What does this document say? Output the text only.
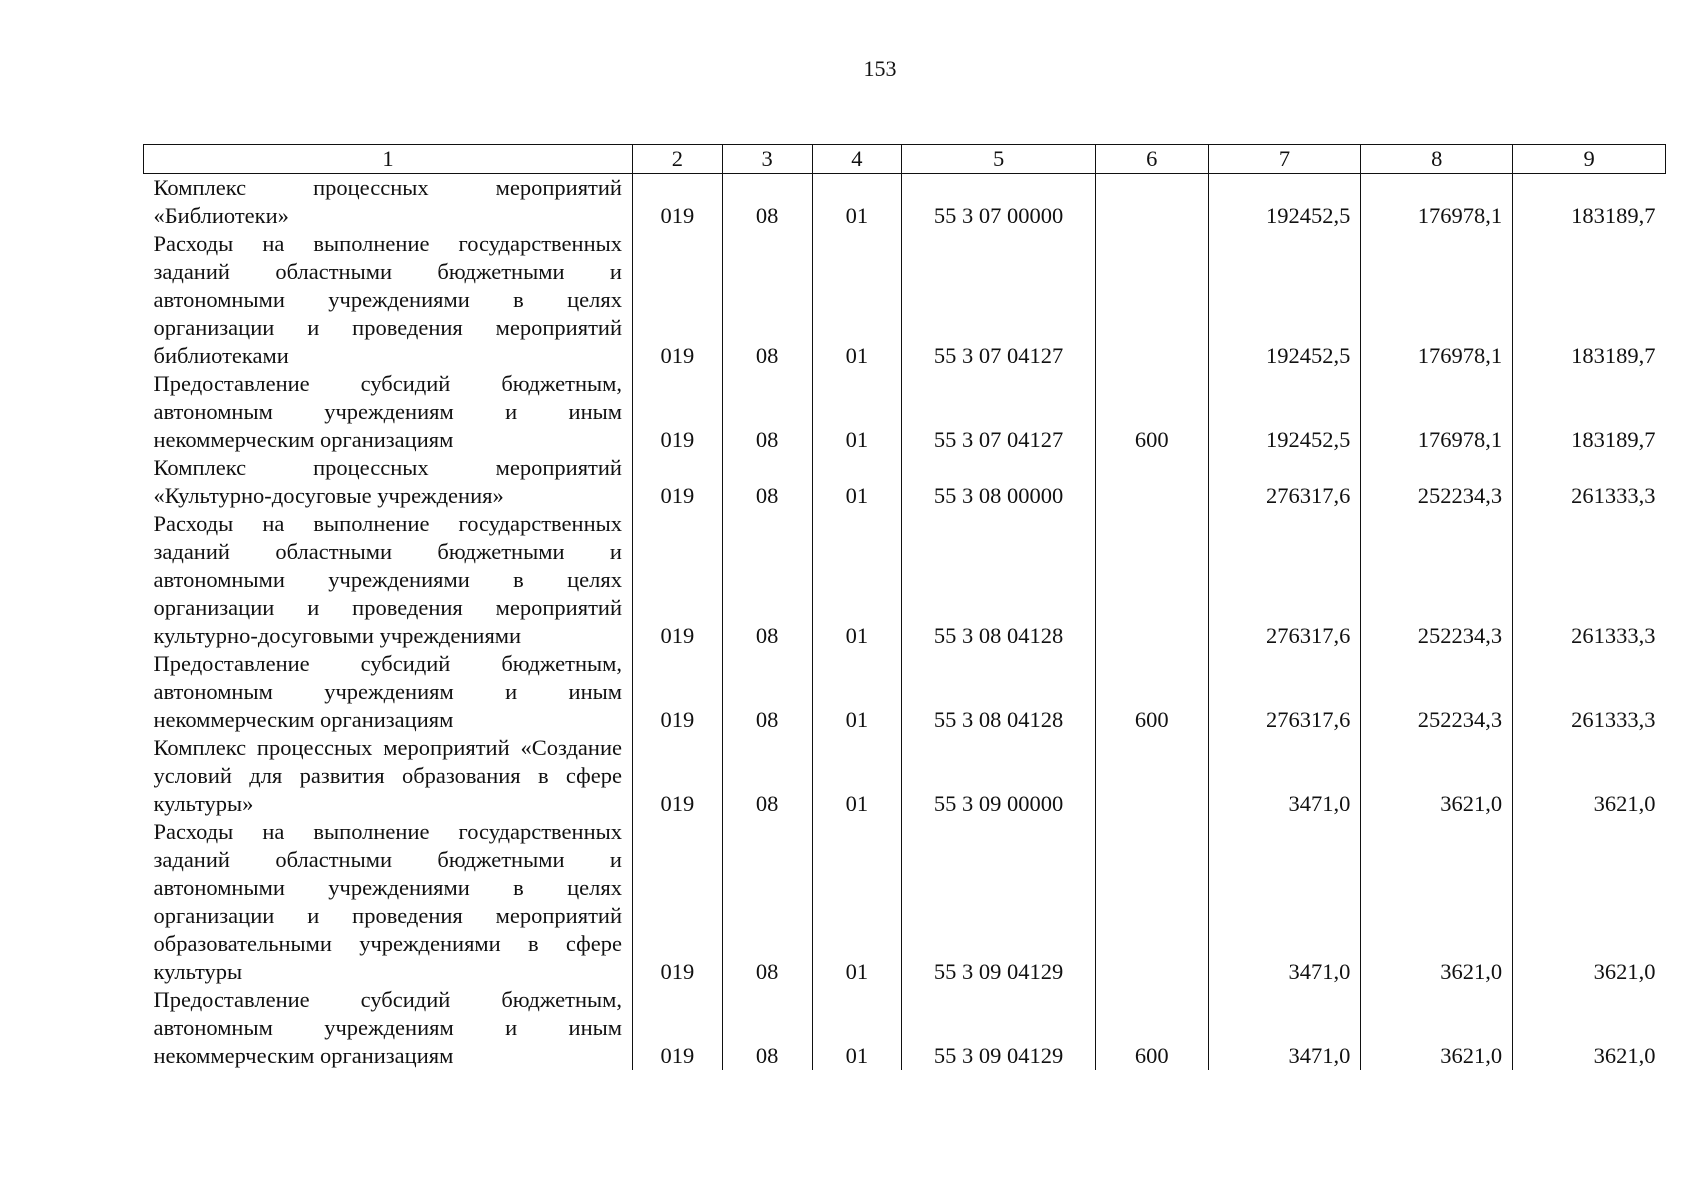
153
1	2	3	4	5	6	7	8	9
Комплекс процессных мероприятий «Библиотеки»	019	08	01	55 3 07 00000		192452,5	176978,1	183189,7
Расходы на выполнение государственных заданий областными бюджетными и автономными учреждениями в целях организации и проведения мероприятий библиотеками	019	08	01	55 3 07 04127		192452,5	176978,1	183189,7
Предоставление субсидий бюджетным, автономным учреждениям и иным некоммерческим организациям	019	08	01	55 3 07 04127	600	192452,5	176978,1	183189,7
Комплекс процессных мероприятий «Культурно-досуговые учреждения»	019	08	01	55 3 08 00000		276317,6	252234,3	261333,3
Расходы на выполнение государственных заданий областными бюджетными и автономными учреждениями в целях организации и проведения мероприятий культурно-досуговыми учреждениями	019	08	01	55 3 08 04128		276317,6	252234,3	261333,3
Предоставление субсидий бюджетным, автономным учреждениям и иным некоммерческим организациям	019	08	01	55 3 08 04128	600	276317,6	252234,3	261333,3
Комплекс процессных мероприятий «Создание условий для развития образования в сфере культуры»	019	08	01	55 3 09 00000		3471,0	3621,0	3621,0
Расходы на выполнение государственных заданий областными бюджетными и автономными учреждениями в целях организации и проведения мероприятий образовательными учреждениями в сфере культуры	019	08	01	55 3 09 04129		3471,0	3621,0	3621,0
Предоставление субсидий бюджетным, автономным учреждениям и иным некоммерческим организациям	019	08	01	55 3 09 04129	600	3471,0	3621,0	3621,0
